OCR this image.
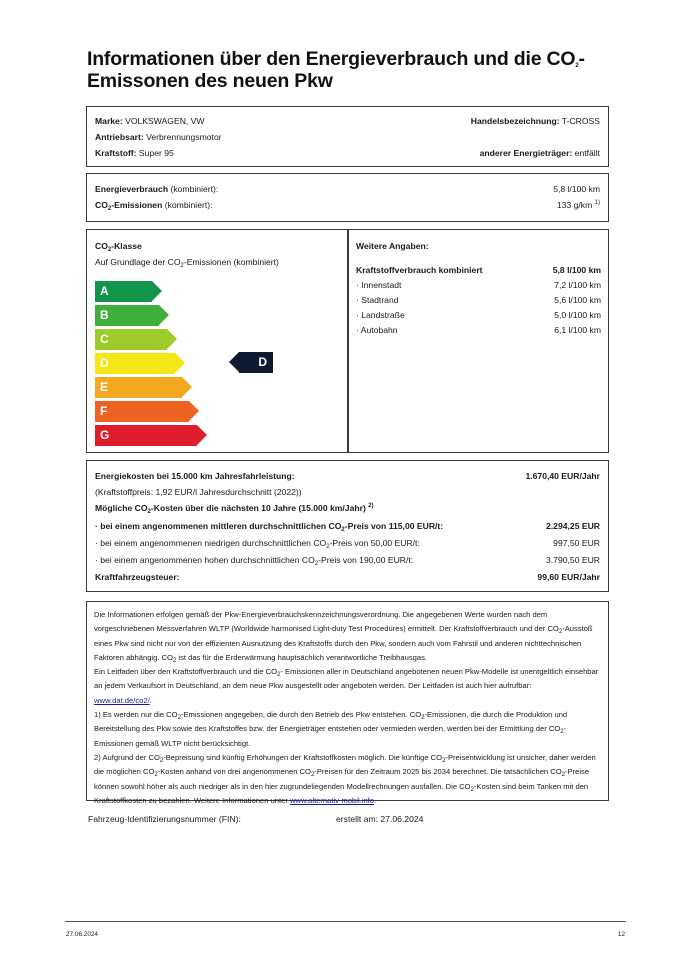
Informationen über den Energieverbrauch und die $CO_2-$
Emissonen des neuen Pkw
Marke: VOLKSWAGEN, VW	Handelsbezeichnung: T-CROSS
Antriebsart: Verbrennungsmotor
Kraftstoff: Super 95	anderer Energieträger: entfällt
Energieverbrauch (kombiniert):	5,8 l/100 km
$CO_2$-Emissionen (kombiniert):	133 g/km $^{1)}$
$CO_2$-Klasse
Auf Grundlage der $CO_2$-Emissionen (kombiniert)
A
B
C
D
E
F
G
D
Weitere Angaben:
Kraftstoffverbrauch kombiniert	5,8 l/100 km
· Innenstadt	7,2 l/100 km
· Stadtrand	5,6 l/100 km
· Landstraße	5,0 l/100 km
· Autobahn	6,1 l/100 km
Energiekosten bei 15.000 km Jahresfahrleistung:	1.670,40 EUR/Jahr
(Kraftstoffpreis: 1,92 EUR/l Jahresdurchschnitt (2022))
Mögliche $CO_2$-Kosten über die nächsten 10 Jahre (15.000 km/Jahr) $^{2)}$
· bei einem angenommenen mittleren durchschnittlichen $CO_2$-Preis von 115,00 EUR/t:	2.294,25 EUR
· bei einem angenommenen niedrigen durchschnittlichen $CO_2$-Preis von 50,00 EUR/t:	997,50 EUR
· bei einem angenommenen hohen durchschnittlichen $CO_2$-Preis von 190,00 EUR/t:	3.790,50 EUR
Kraftfahrzeugsteuer:	99,60 EUR/Jahr
Die Informationen erfolgen gemäß der Pkw-Energieverbrauchskennzeichnungsverordnung. Die angegebenen Werte wurden nach dem vorgeschriebenen Messverfahren WLTP (Worldwide harmonised Light-duty Test Procedures) ermittelt. Der Kraftstoffverbrauch und der $CO_2$-Ausstoß eines Pkw sind nicht nur von der effizienten Ausnutzung des Kraftstoffs durch den Pkw, sondern auch vom Fahrstil und anderen nichttechnischen Faktoren abhängig. $CO_2$ ist das für die Erderwärmung hauptsächlich verantwortliche Treibhausgas.
Ein Leitfaden über den Kraftstoffverbrauch und die $CO_2-$ Emissionen aller in Deutschland angebotenen neuen Pkw-Modelle ist unentgeltlich einsehbar an jedem Verkaufsort in Deutschland, an dem neue Pkw ausgestellt oder angeboten werden. Der Leitfaden ist auch hier aufrufbar:
www.dat.de/co2/.
1) Es werden nur die $CO_2$-Emissionen angegeben, die durch den Betrieb des Pkw entstehen. $CO_2$-Emissionen, die durch die Produktion und Bereitstellung des Pkw sowie des Kraftstoffes bzw. der Energieträger entstehen oder vermieden werden, werden bei der Ermittlung der $CO_2$-Emissionen gemäß WLTP nicht berücksichtigt.
2) Aufgrund der $CO_2$-Bepreisung sind künftig Erhöhungen der Kraftstoffkosten möglich. Die künftige $CO_2$-Preisentwicklung ist unsicher, daher werden die möglichen $CO_2$-Kosten anhand von drei angenommenen $CO_2$-Preisen für den Zeitraum 2025 bis 2034 berechnet. Die tatsächlichen $CO_2$-Preise können sowohl höher als auch niedriger als in den hier zugrundeliegenden Modellrechnungen ausfallen. Die $CO_2$-Kosten sind beim Tanken mit den Kraftstoffkosten zu bezahlen. Weitere Informationen unter www.alternativ-mobil.info.
Fahrzeug-Identifizierungsnummer (FIN):	erstellt am: 27.06.2024
27.06.2024	12
